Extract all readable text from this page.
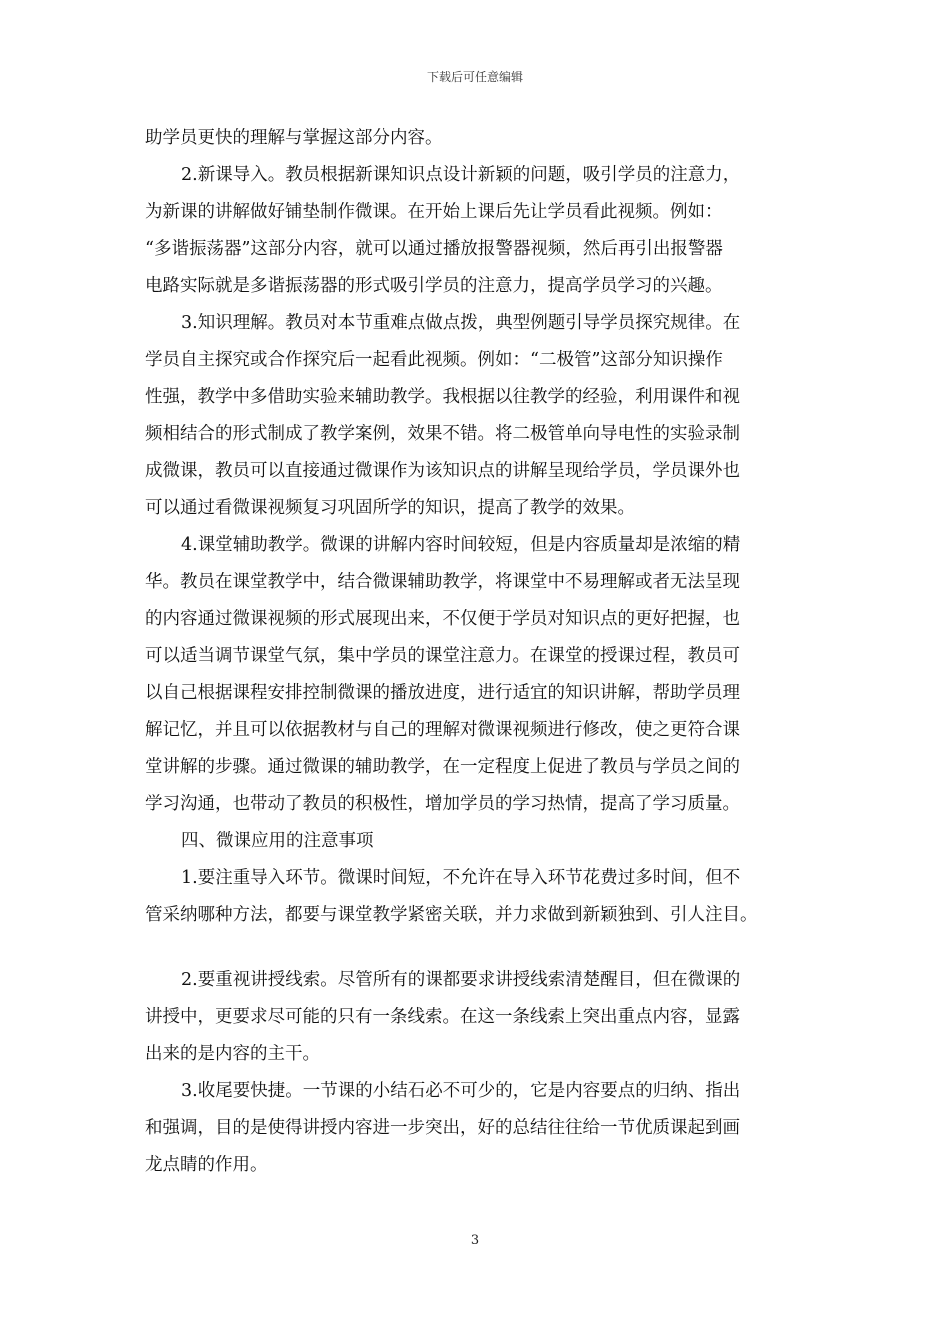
下载后可任意编辑
助学员更快的理解与掌握这部分内容。
2.新课导入。教员根据新课知识点设计新颖的问题，吸引学员的注意力，
为新课的讲解做好铺垫制作微课。在开始上课后先让学员看此视频。例如：
“多谐振荡器”这部分内容，就可以通过播放报警器视频，然后再引出报警器
电路实际就是多谐振荡器的形式吸引学员的注意力，提高学员学习的兴趣。
3.知识理解。教员对本节重难点做点拨，典型例题引导学员探究规律。在
学员自主探究或合作探究后一起看此视频。例如：“二极管”这部分知识操作
性强，教学中多借助实验来辅助教学。我根据以往教学的经验，利用课件和视
频相结合的形式制成了教学案例，效果不错。将二极管单向导电性的实验录制
成微课，教员可以直接通过微课作为该知识点的讲解呈现给学员，学员课外也
可以通过看微课视频复习巩固所学的知识，提高了教学的效果。
4.课堂辅助教学。微课的讲解内容时间较短，但是内容质量却是浓缩的精
华。教员在课堂教学中，结合微课辅助教学，将课堂中不易理解或者无法呈现
的内容通过微课视频的形式展现出来，不仅便于学员对知识点的更好把握，也
可以适当调节课堂气氛，集中学员的课堂注意力。在课堂的授课过程，教员可
以自己根据课程安排控制微课的播放进度，进行适宜的知识讲解，帮助学员理
解记忆，并且可以依据教材与自己的理解对微课视频进行修改，使之更符合课
堂讲解的步骤。通过微课的辅助教学，在一定程度上促进了教员与学员之间的
学习沟通，也带动了教员的积极性，增加学员的学习热情，提高了学习质量。
四、微课应用的注意事项
1.要注重导入环节。微课时间短，不允许在导入环节花费过多时间，但不
管采纳哪种方法，都要与课堂教学紧密关联，并力求做到新颖独到、引人注目。
2.要重视讲授线索。尽管所有的课都要求讲授线索清楚醒目，但在微课的
讲授中，更要求尽可能的只有一条线索。在这一条线索上突出重点内容，显露
出来的是内容的主干。
3.收尾要快捷。一节课的小结石必不可少的，它是内容要点的归纳、指出
和强调，目的是使得讲授内容进一步突出，好的总结往往给一节优质课起到画
龙点睛的作用。
3
